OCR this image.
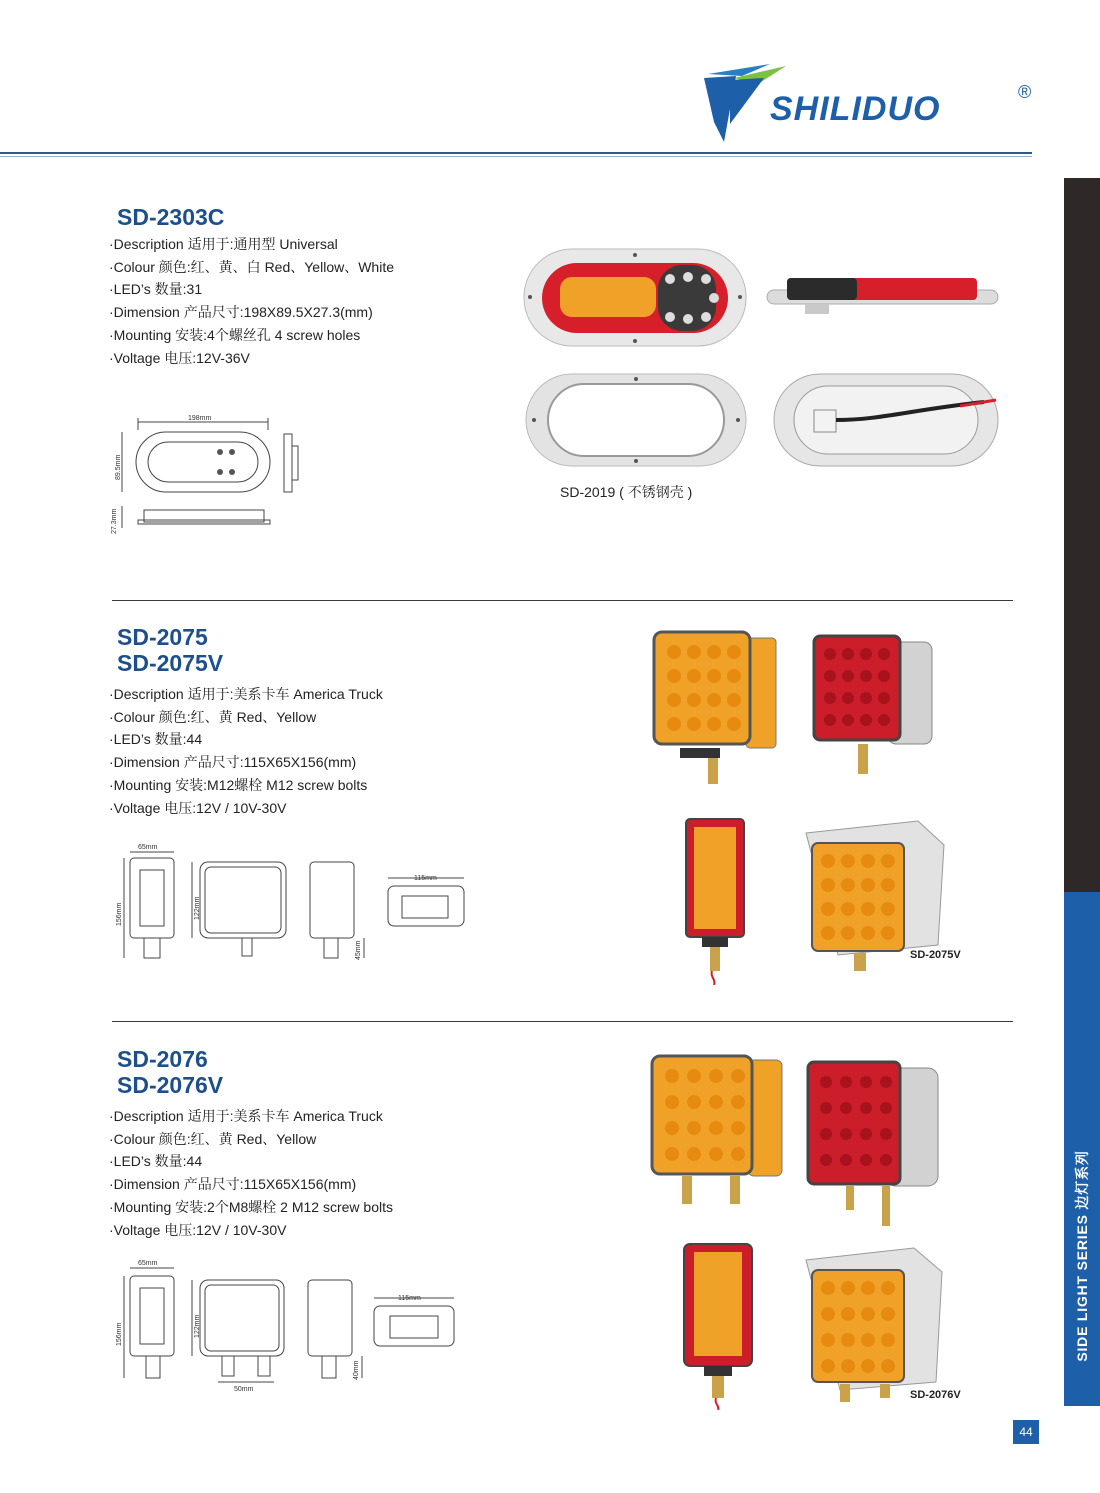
SHILIDUO	®
SIDE LIGHT SERIES 边灯系列
44
SD-2303C
·Description 适用于:通用型 Universal
·Colour 颜色:红、黄、白 Red、Yellow、White
·LED’s 数量:31
·Dimension 产品尺寸:198X89.5X27.3(mm)
·Mounting 安装:4个螺丝孔 4 screw holes
·Voltage 电压:12V-36V
198mm
89.5mm
27.3mm
SD-2019 ( 不锈钢壳 )
SD-2075
SD-2075V
·Description 适用于:美系卡车 America Truck
·Colour 颜色:红、黄 Red、Yellow
·LED’s 数量:44
·Dimension 产品尺寸:115X65X156(mm)
·Mounting 安装:M12螺栓 M12 screw bolts
·Voltage 电压:12V / 10V-30V
65mm
156mm	122mm
115mm
45mm	SD-2075V
SD-2076
SD-2076V
·Description 适用于:美系卡车 America Truck
·Colour 颜色:红、黄 Red、Yellow
·LED’s 数量:44
·Dimension 产品尺寸:115X65X156(mm)
·Mounting 安装:2个M8螺栓 2 M12 screw bolts
·Voltage 电压:12V / 10V-30V
65mm
156mm	122mm
115mm
40mm
50mm	SD-2076V
